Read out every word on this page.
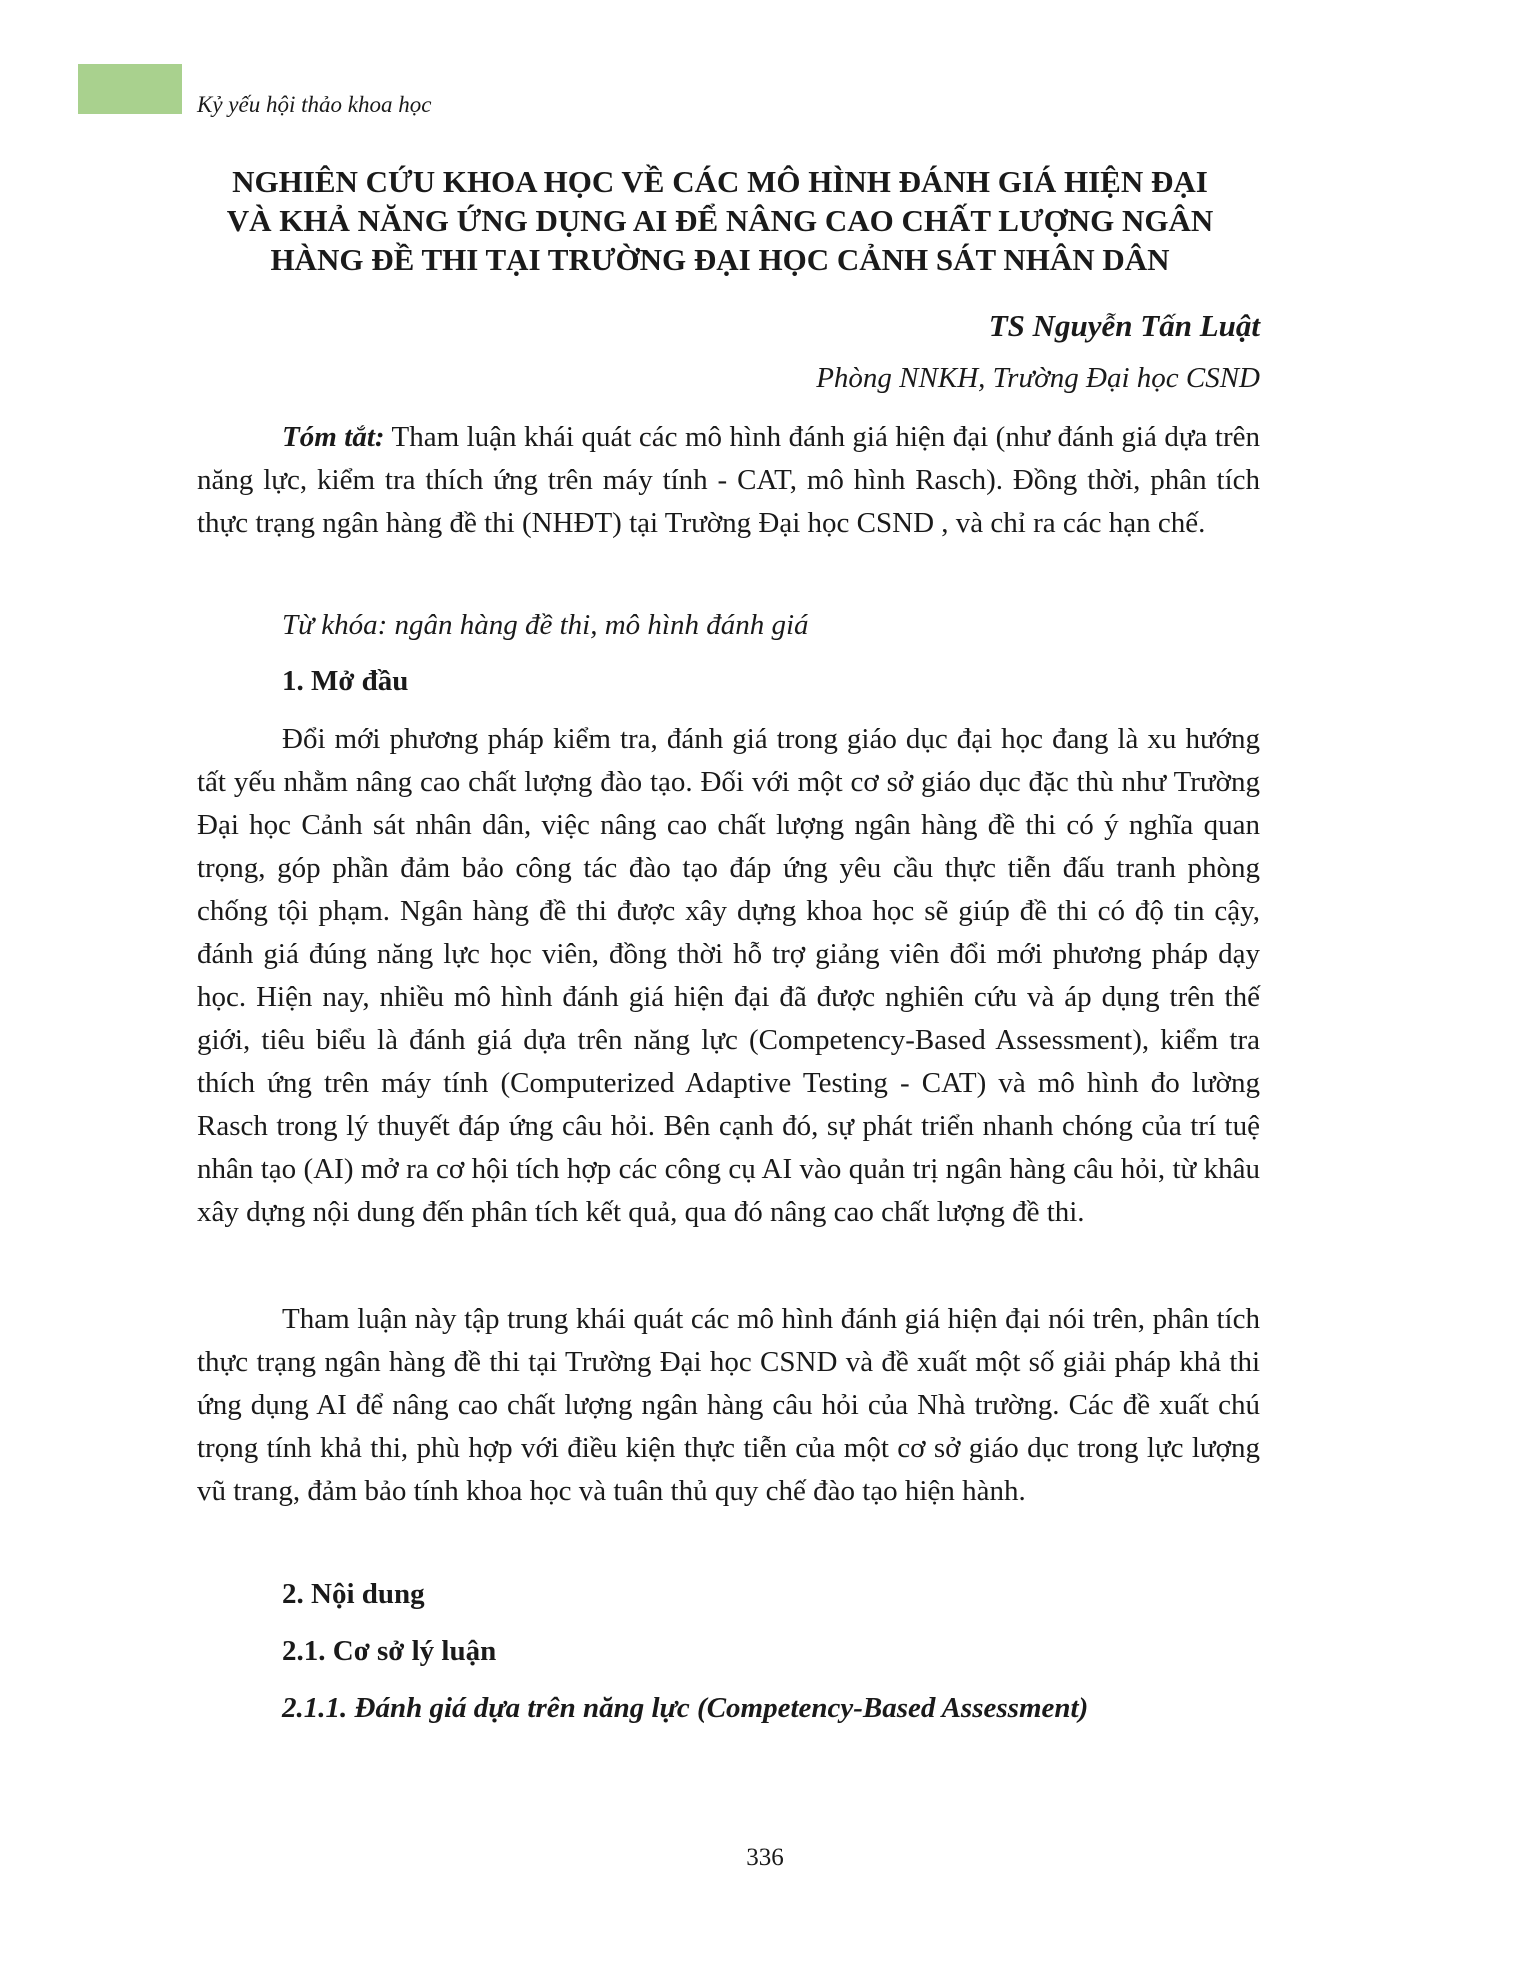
Kỷ yếu hội thảo khoa học
NGHIÊN CỨU KHOA HỌC VỀ CÁC MÔ HÌNH ĐÁNH GIÁ HIỆN ĐẠI
VÀ KHẢ NĂNG ỨNG DỤNG AI ĐỂ NÂNG CAO CHẤT LƯỢNG NGÂN
HÀNG ĐỀ THI TẠI TRƯỜNG ĐẠI HỌC CẢNH SÁT NHÂN DÂN
TS Nguyễn Tấn Luật
Phòng NNKH, Trường Đại học CSND
Tóm tắt: Tham luận khái quát các mô hình đánh giá hiện đại (như đánh giá dựa trên năng lực, kiểm tra thích ứng trên máy tính - CAT, mô hình Rasch). Đồng thời, phân tích thực trạng ngân hàng đề thi (NHĐT) tại Trường Đại học CSND , và chỉ ra các hạn chế.
Từ khóa: ngân hàng đề thi, mô hình đánh giá
1. Mở đầu
Đổi mới phương pháp kiểm tra, đánh giá trong giáo dục đại học đang là xu hướng tất yếu nhằm nâng cao chất lượng đào tạo. Đối với một cơ sở giáo dục đặc thù như Trường Đại học Cảnh sát nhân dân, việc nâng cao chất lượng ngân hàng đề thi có ý nghĩa quan trọng, góp phần đảm bảo công tác đào tạo đáp ứng yêu cầu thực tiễn đấu tranh phòng chống tội phạm. Ngân hàng đề thi được xây dựng khoa học sẽ giúp đề thi có độ tin cậy, đánh giá đúng năng lực học viên, đồng thời hỗ trợ giảng viên đổi mới phương pháp dạy học. Hiện nay, nhiều mô hình đánh giá hiện đại đã được nghiên cứu và áp dụng trên thế giới, tiêu biểu là đánh giá dựa trên năng lực (Competency-Based Assessment), kiểm tra thích ứng trên máy tính (Computerized Adaptive Testing - CAT) và mô hình đo lường Rasch trong lý thuyết đáp ứng câu hỏi. Bên cạnh đó, sự phát triển nhanh chóng của trí tuệ nhân tạo (AI) mở ra cơ hội tích hợp các công cụ AI vào quản trị ngân hàng câu hỏi, từ khâu xây dựng nội dung đến phân tích kết quả, qua đó nâng cao chất lượng đề thi.
Tham luận này tập trung khái quát các mô hình đánh giá hiện đại nói trên, phân tích thực trạng ngân hàng đề thi tại Trường Đại học CSND và đề xuất một số giải pháp khả thi ứng dụng AI để nâng cao chất lượng ngân hàng câu hỏi của Nhà trường. Các đề xuất chú trọng tính khả thi, phù hợp với điều kiện thực tiễn của một cơ sở giáo dục trong lực lượng vũ trang, đảm bảo tính khoa học và tuân thủ quy chế đào tạo hiện hành.
2. Nội dung
2.1. Cơ sở lý luận
2.1.1. Đánh giá dựa trên năng lực (Competency-Based Assessment)
336
